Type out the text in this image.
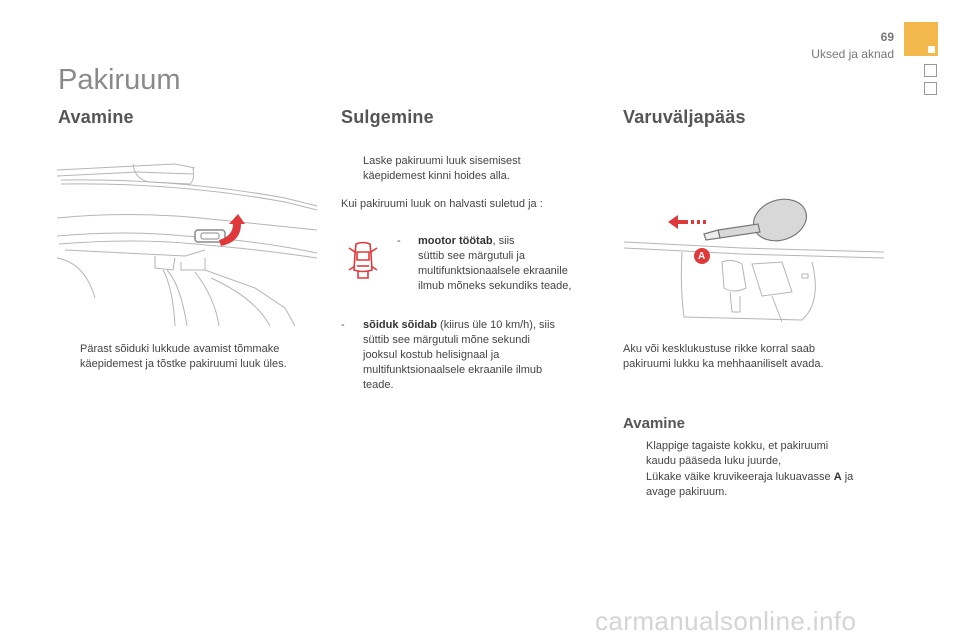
69
Uksed ja aknad
Pakiruum
Avamine
Pärast sõiduki lukkude avamist tõmmake käepidemest ja tõstke pakiruumi luuk üles.
Sulgemine
Laske pakiruumi luuk sisemisest
käepidemest kinni hoides alla.
Kui pakiruumi luuk on halvasti suletud ja :
- mootor töötab, siis
süttib see märgutuli ja
multifunktsionaalsele ekraanile
ilmub mõneks sekundiks teade,
- sõiduk sõidab (kiirus üle 10 km/h), siis
süttib see märgutuli mõne sekundi
jooksul kostub helisignaal ja
multifunktsionaalsele ekraanile ilmub
teade.
Varuväljapääs
A
Aku või kesklukustuse rikke korral saab
pakiruumi lukku ka mehhaaniliselt avada.
Avamine
Klappige tagaiste kokku, et pakiruumi
kaudu pääseda luku juurde,
Lükake väike kruvikeeraja lukuavasse A ja
avage pakiruum.
carmanualsonline.info
